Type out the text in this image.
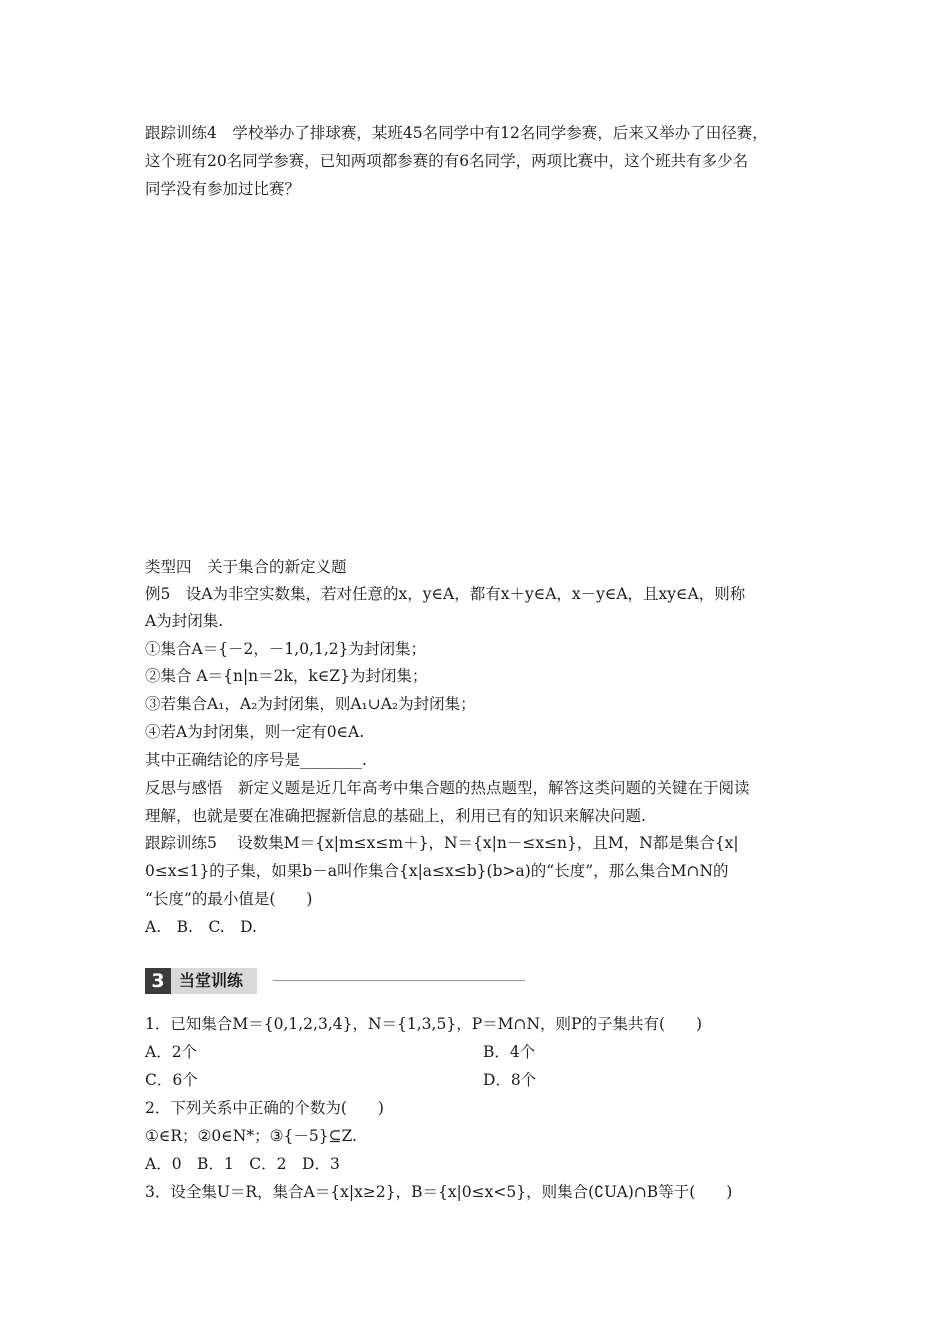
跟踪训练4　学校举办了排球赛，某班45名同学中有12名同学参赛，后来又举办了田径赛，
这个班有20名同学参赛，已知两项都参赛的有6名同学，两项比赛中，这个班共有多少名
同学没有参加过比赛？
类型四　关于集合的新定义题
例5　设A为非空实数集，若对任意的x，y∈A，都有x＋y∈A，x－y∈A，且xy∈A，则称
A为封闭集.
①集合A＝{－2，－1,0,1,2}为封闭集；
②集合 A＝{n|n＝2k，k∈Z}为封闭集；
③若集合A₁，A₂为封闭集，则A₁∪A₂为封闭集；
④若A为封闭集，则一定有0∈A.
其中正确结论的序号是________.
反思与感悟　新定义题是近几年高考中集合题的热点题型，解答这类问题的关键在于阅读
理解，也就是要在准确把握新信息的基础上，利用已有的知识来解决问题.
跟踪训练5　 设数集M＝{x|m≤x≤m＋}，N＝{x|n－≤x≤n}，且M，N都是集合{x|
0≤x≤1}的子集，如果b－a叫作集合{x|a≤x≤b}(b>a)的“长度”，那么集合M∩N的
“长度”的最小值是(　　)
A.　B.　C.　D.
3 当堂训练
1．已知集合M＝{0,1,2,3,4}，N＝{1,3,5}，P＝M∩N，则P的子集共有(　　)
A．2个	B．4个
C．6个	D．8个
2．下列关系中正确的个数为(　　)
①∈R；②0∈N*；③{－5}⊆Z.
A．0　B．1　C．2　D．3
3．设全集U＝R，集合A＝{x|x≥2}，B＝{x|0≤x<5}，则集合(∁UA)∩B等于(　　)
